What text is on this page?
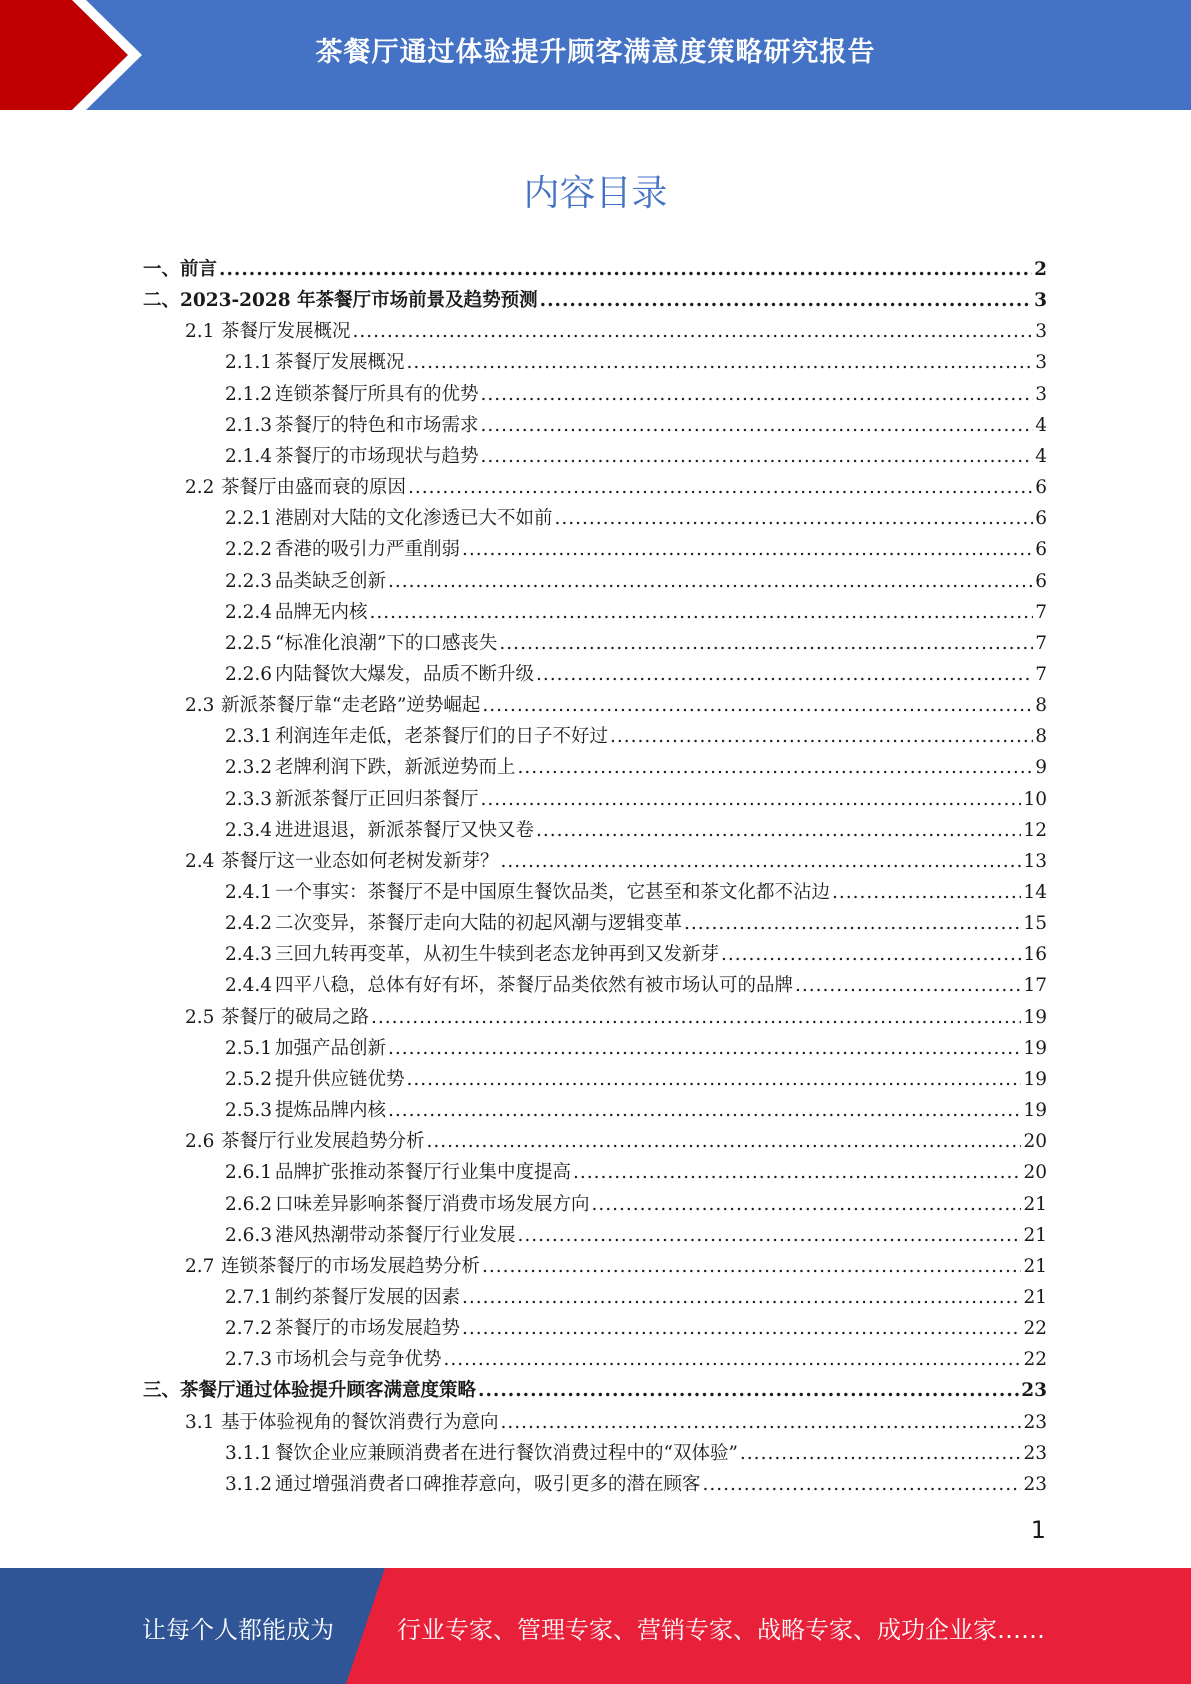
茶餐厅通过体验提升顾客满意度策略研究报告
内容目录
一、 前言 .....	2
二、 2023-2028 年茶餐厅市场前景及趋势预测 .....	3
2.1 茶餐厅发展概况 .....	3
2.1.1 茶餐厅发展概况 .....	3
2.1.2 连锁茶餐厅所具有的优势 .....	3
2.1.3 茶餐厅的特色和市场需求 .....	4
2.1.4 茶餐厅的市场现状与趋势 .....	4
2.2 茶餐厅由盛而衰的原因 .....	6
2.2.1 港剧对大陆的文化渗透已大不如前 .....	6
2.2.2 香港的吸引力严重削弱 .....	6
2.2.3 品类缺乏创新 .....	6
2.2.4 品牌无内核 .....	7
2.2.5 “标准化浪潮”下的口感丧失 .....	7
2.2.6 内陆餐饮大爆发，品质不断升级 .....	7
2.3 新派茶餐厅靠“走老路”逆势崛起 .....	8
2.3.1 利润连年走低，老茶餐厅们的日子不好过 .....	8
2.3.2 老牌利润下跌，新派逆势而上 .....	9
2.3.3 新派茶餐厅正回归茶餐厅 .....	10
2.3.4 进进退退，新派茶餐厅又快又卷 .....	12
2.4 茶餐厅这一业态如何老树发新芽？ .....	13
2.4.1 一个事实：茶餐厅不是中国原生餐饮品类，它甚至和茶文化都不沾边 .....	14
2.4.2 二次变异，茶餐厅走向大陆的初起风潮与逻辑变革 .....	15
2.4.3 三回九转再变革，从初生牛犊到老态龙钟再到又发新芽 .....	16
2.4.4 四平八稳，总体有好有坏，茶餐厅品类依然有被市场认可的品牌 .....	17
2.5 茶餐厅的破局之路 .....	19
2.5.1 加强产品创新 .....	19
2.5.2 提升供应链优势 .....	19
2.5.3 提炼品牌内核 .....	19
2.6 茶餐厅行业发展趋势分析 .....	20
2.6.1 品牌扩张推动茶餐厅行业集中度提高 .....	20
2.6.2 口味差异影响茶餐厅消费市场发展方向 .....	21
2.6.3 港风热潮带动茶餐厅行业发展 .....	21
2.7 连锁茶餐厅的市场发展趋势分析 .....	21
2.7.1 制约茶餐厅发展的因素 .....	21
2.7.2 茶餐厅的市场发展趋势 .....	22
2.7.3 市场机会与竞争优势 .....	22
三、 茶餐厅通过体验提升顾客满意度策略 .....	23
3.1 基于体验视角的餐饮消费行为意向 .....	23
3.1.1 餐饮企业应兼顾消费者在进行餐饮消费过程中的“双体验” .....	23
3.1.2 通过增强消费者口碑推荐意向，吸引更多的潜在顾客 .....	23
1
让每个人都能成为	行业专家、管理专家、营销专家、战略专家、成功企业家……
